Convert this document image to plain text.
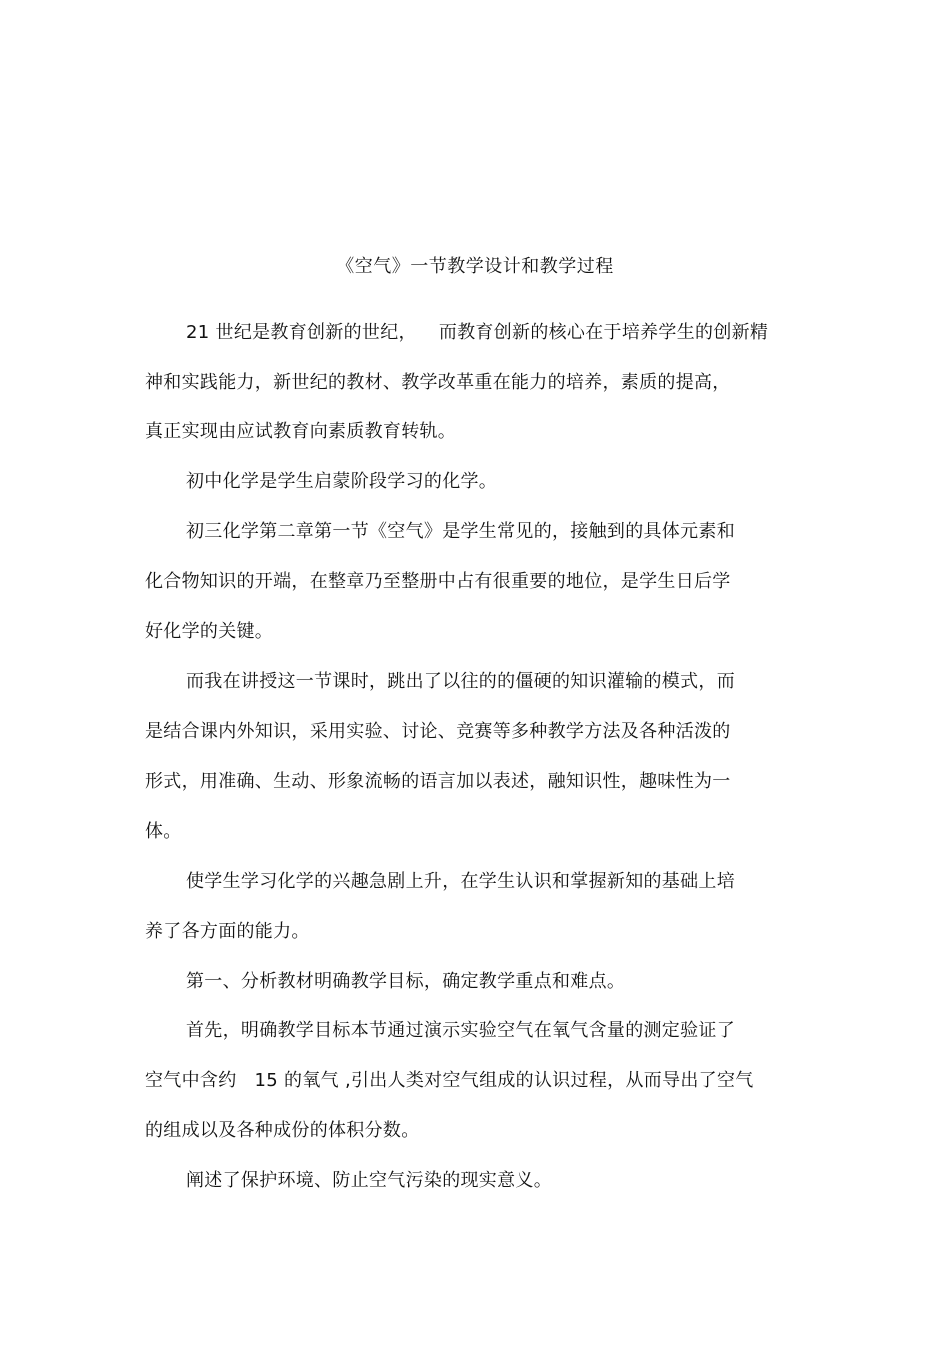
《空气》一节教学设计和教学过程
21 世纪是教育创新的世纪， 而教育创新的核心在于培养学生的创新精
神和实践能力，新世纪的教材、教学改革重在能力的培养，素质的提高，
真正实现由应试教育向素质教育转轨。
初中化学是学生启蒙阶段学习的化学。
初三化学第二章第一节《空气》是学生常见的，接触到的具体元素和
化合物知识的开端，在整章乃至整册中占有很重要的地位，是学生日后学
好化学的关键。
而我在讲授这一节课时，跳出了以往的的僵硬的知识灌输的模式，而
是结合课内外知识，采用实验、讨论、竞赛等多种教学方法及各种活泼的
形式，用准确、生动、形象流畅的语言加以表述，融知识性，趣味性为一
体。
使学生学习化学的兴趣急剧上升，在学生认识和掌握新知的基础上培
养了各方面的能力。
第一、分析教材明确教学目标，确定教学重点和难点。
首先，明确教学目标本节通过演示实验空气在氧气含量的测定验证了
空气中含约 15 的氧气 ,引出人类对空气组成的认识过程，从而导出了空气
的组成以及各种成份的体积分数。
阐述了保护环境、防止空气污染的现实意义。
